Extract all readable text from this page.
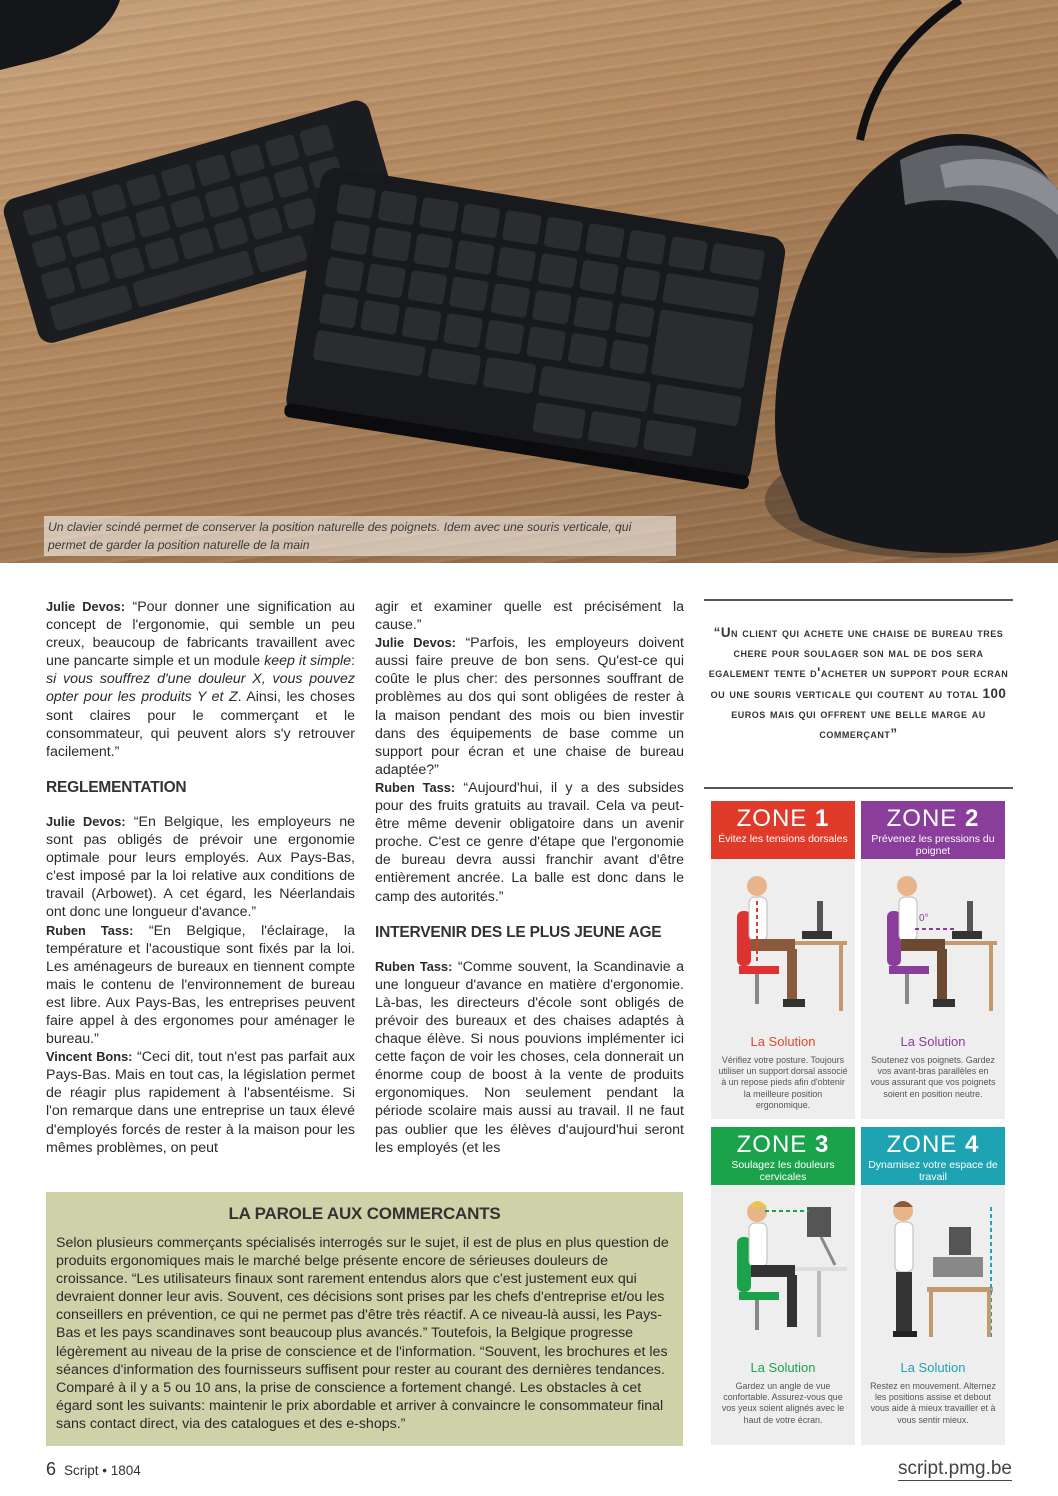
Un clavier scindé permet de conserver la position naturelle des poignets. Idem avec une souris verticale, qui permet de garder la position naturelle de la main

Julie Devos: “Pour donner une signification au concept de l'ergonomie, qui semble un peu creux, beaucoup de fabricants travaillent avec une pancarte simple et un module keep it simple: si vous souffrez d'une douleur X, vous pouvez opter pour les produits Y et Z. Ainsi, les choses sont claires pour le commerçant et le consommateur, qui peuvent alors s'y retrouver facilement.”

REGLEMENTATION

Julie Devos: “En Belgique, les employeurs ne sont pas obligés de prévoir une ergonomie optimale pour leurs employés. Aux Pays-Bas, c'est imposé par la loi relative aux conditions de travail (Arbowet). A cet égard, les Néerlandais ont donc une longueur d'avance.”

Ruben Tass: “En Belgique, l'éclairage, la température et l'acoustique sont fixés par la loi. Les aménageurs de bureaux en tiennent compte mais le contenu de l'environnement de bureau est libre. Aux Pays-Bas, les entreprises peuvent faire appel à des ergonomes pour aménager le bureau.”

Vincent Bons: “Ceci dit, tout n'est pas parfait aux Pays-Bas. Mais en tout cas, la législation permet de réagir plus rapidement à l'absentéisme. Si l'on remarque dans une entreprise un taux élevé d'employés forcés de rester à la maison pour les mêmes problèmes, on peut

agir et examiner quelle est précisément la cause.”

Julie Devos: “Parfois, les employeurs doivent aussi faire preuve de bon sens. Qu'est-ce qui coûte le plus cher: des personnes souffrant de problèmes au dos qui sont obligées de rester à la maison pendant des mois ou bien investir dans des équipements de base comme un support pour écran et une chaise de bureau adaptée?”

Ruben Tass: “Aujourd'hui, il y a des subsides pour des fruits gratuits au travail. Cela va peut-être même devenir obligatoire dans un avenir proche. C'est ce genre d'étape que l'ergonomie de bureau devra aussi franchir avant d'être entièrement ancrée. La balle est donc dans le camp des autorités.”

INTERVENIR DES LE PLUS JEUNE AGE

Ruben Tass: “Comme souvent, la Scandinavie a une longueur d'avance en matière d'ergonomie. Là-bas, les directeurs d'école sont obligés de prévoir des bureaux et des chaises adaptés à chaque élève. Si nous pouvions implémenter ici cette façon de voir les choses, cela donnerait un énorme coup de boost à la vente de produits ergonomiques. Non seulement pendant la période scolaire mais aussi au travail. Il ne faut pas oublier que les élèves d'aujourd'hui seront les employés (et les

“Un client qui achete une chaise de bureau tres chere pour soulager son mal de dos sera egalement tente d'acheter un support pour ecran ou une souris verticale qui coutent au total 100 euros mais qui offrent une belle marge au commerçant”
ZONE 1
Évitez les tensions dorsales
La Solution
Vérifiez votre posture. Toujours utiliser un support dorsal associé à un repose pieds afin d'obtenir la meilleure position ergonomique.
ZONE 2
Prévenez les pressions du poignet
0°
La Solution
Soutenez vos poignets. Gardez vos avant-bras parallèles en vous assurant que vos poignets soient en position neutre.
ZONE 3
Soulagez les douleurs cervicales
La Solution
Gardez un angle de vue confortable. Assurez-vous que vos yeux soient alignés avec le haut de votre écran.
ZONE 4
Dynamisez votre espace de travail
La Solution
Restez en mouvement. Alternez les positions assise et debout vous aide à mieux travailler et à vous sentir mieux.
LA PAROLE AUX COMMERCANTS

Selon plusieurs commerçants spécialisés interrogés sur le sujet, il est de plus en plus question de produits ergonomiques mais le marché belge présente encore de sérieuses douleurs de croissance. “Les utilisateurs finaux sont rarement entendus alors que c'est justement eux qui devraient donner leur avis. Souvent, ces décisions sont prises par les chefs d'entreprise et/ou les conseillers en prévention, ce qui ne permet pas d'être très réactif. A ce niveau-là aussi, les Pays-Bas et les pays scandinaves sont beaucoup plus avancés.” Toutefois, la Belgique progresse légèrement au niveau de la prise de conscience et de l'information. “Souvent, les brochures et les séances d'information des fournisseurs suffisent pour rester au courant des dernières tendances. Comparé à il y a 5 ou 10 ans, la prise de conscience a fortement changé. Les obstacles à cet égard sont les suivants: maintenir le prix abordable et arriver à convaincre le consommateur final sans contact direct, via des catalogues et des e-shops.”

6 Script • 1804	script.pmg.be
